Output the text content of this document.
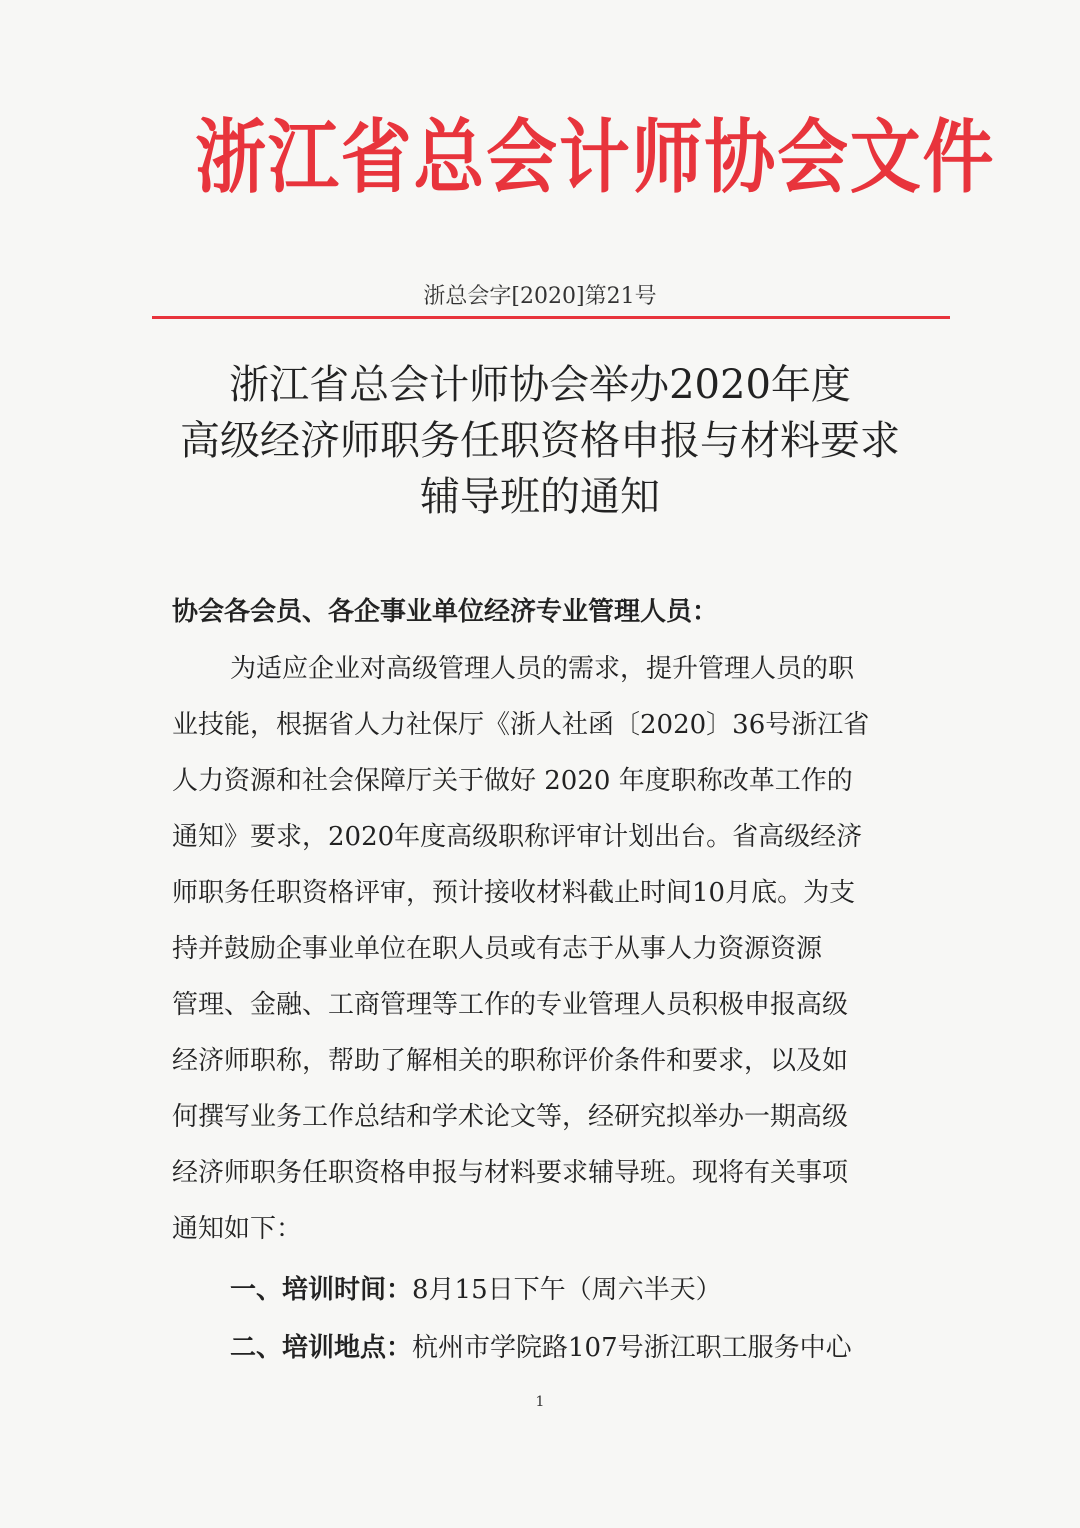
浙江省总会计师协会文件
浙总会字[2020]第21号
浙江省总会计师协会举办2020年度
高级经济师职务任职资格申报与材料要求
辅导班的通知
协会各会员、各企事业单位经济专业管理人员：
为适应企业对高级管理人员的需求，提升管理人员的职
业技能，根据省人力社保厅《浙人社函〔2020〕36号浙江省
人力资源和社会保障厅关于做好 2020 年度职称改革工作的
通知》要求，2020年度高级职称评审计划出台。省高级经济
师职务任职资格评审，预计接收材料截止时间10月底。为支
持并鼓励企事业单位在职人员或有志于从事人力资源资源
管理、金融、工商管理等工作的专业管理人员积极申报高级
经济师职称，帮助了解相关的职称评价条件和要求，以及如
何撰写业务工作总结和学术论文等，经研究拟举办一期高级
经济师职务任职资格申报与材料要求辅导班。现将有关事项
通知如下：
一、培训时间：8月15日下午（周六半天）
二、培训地点：杭州市学院路107号浙江职工服务中心
1
